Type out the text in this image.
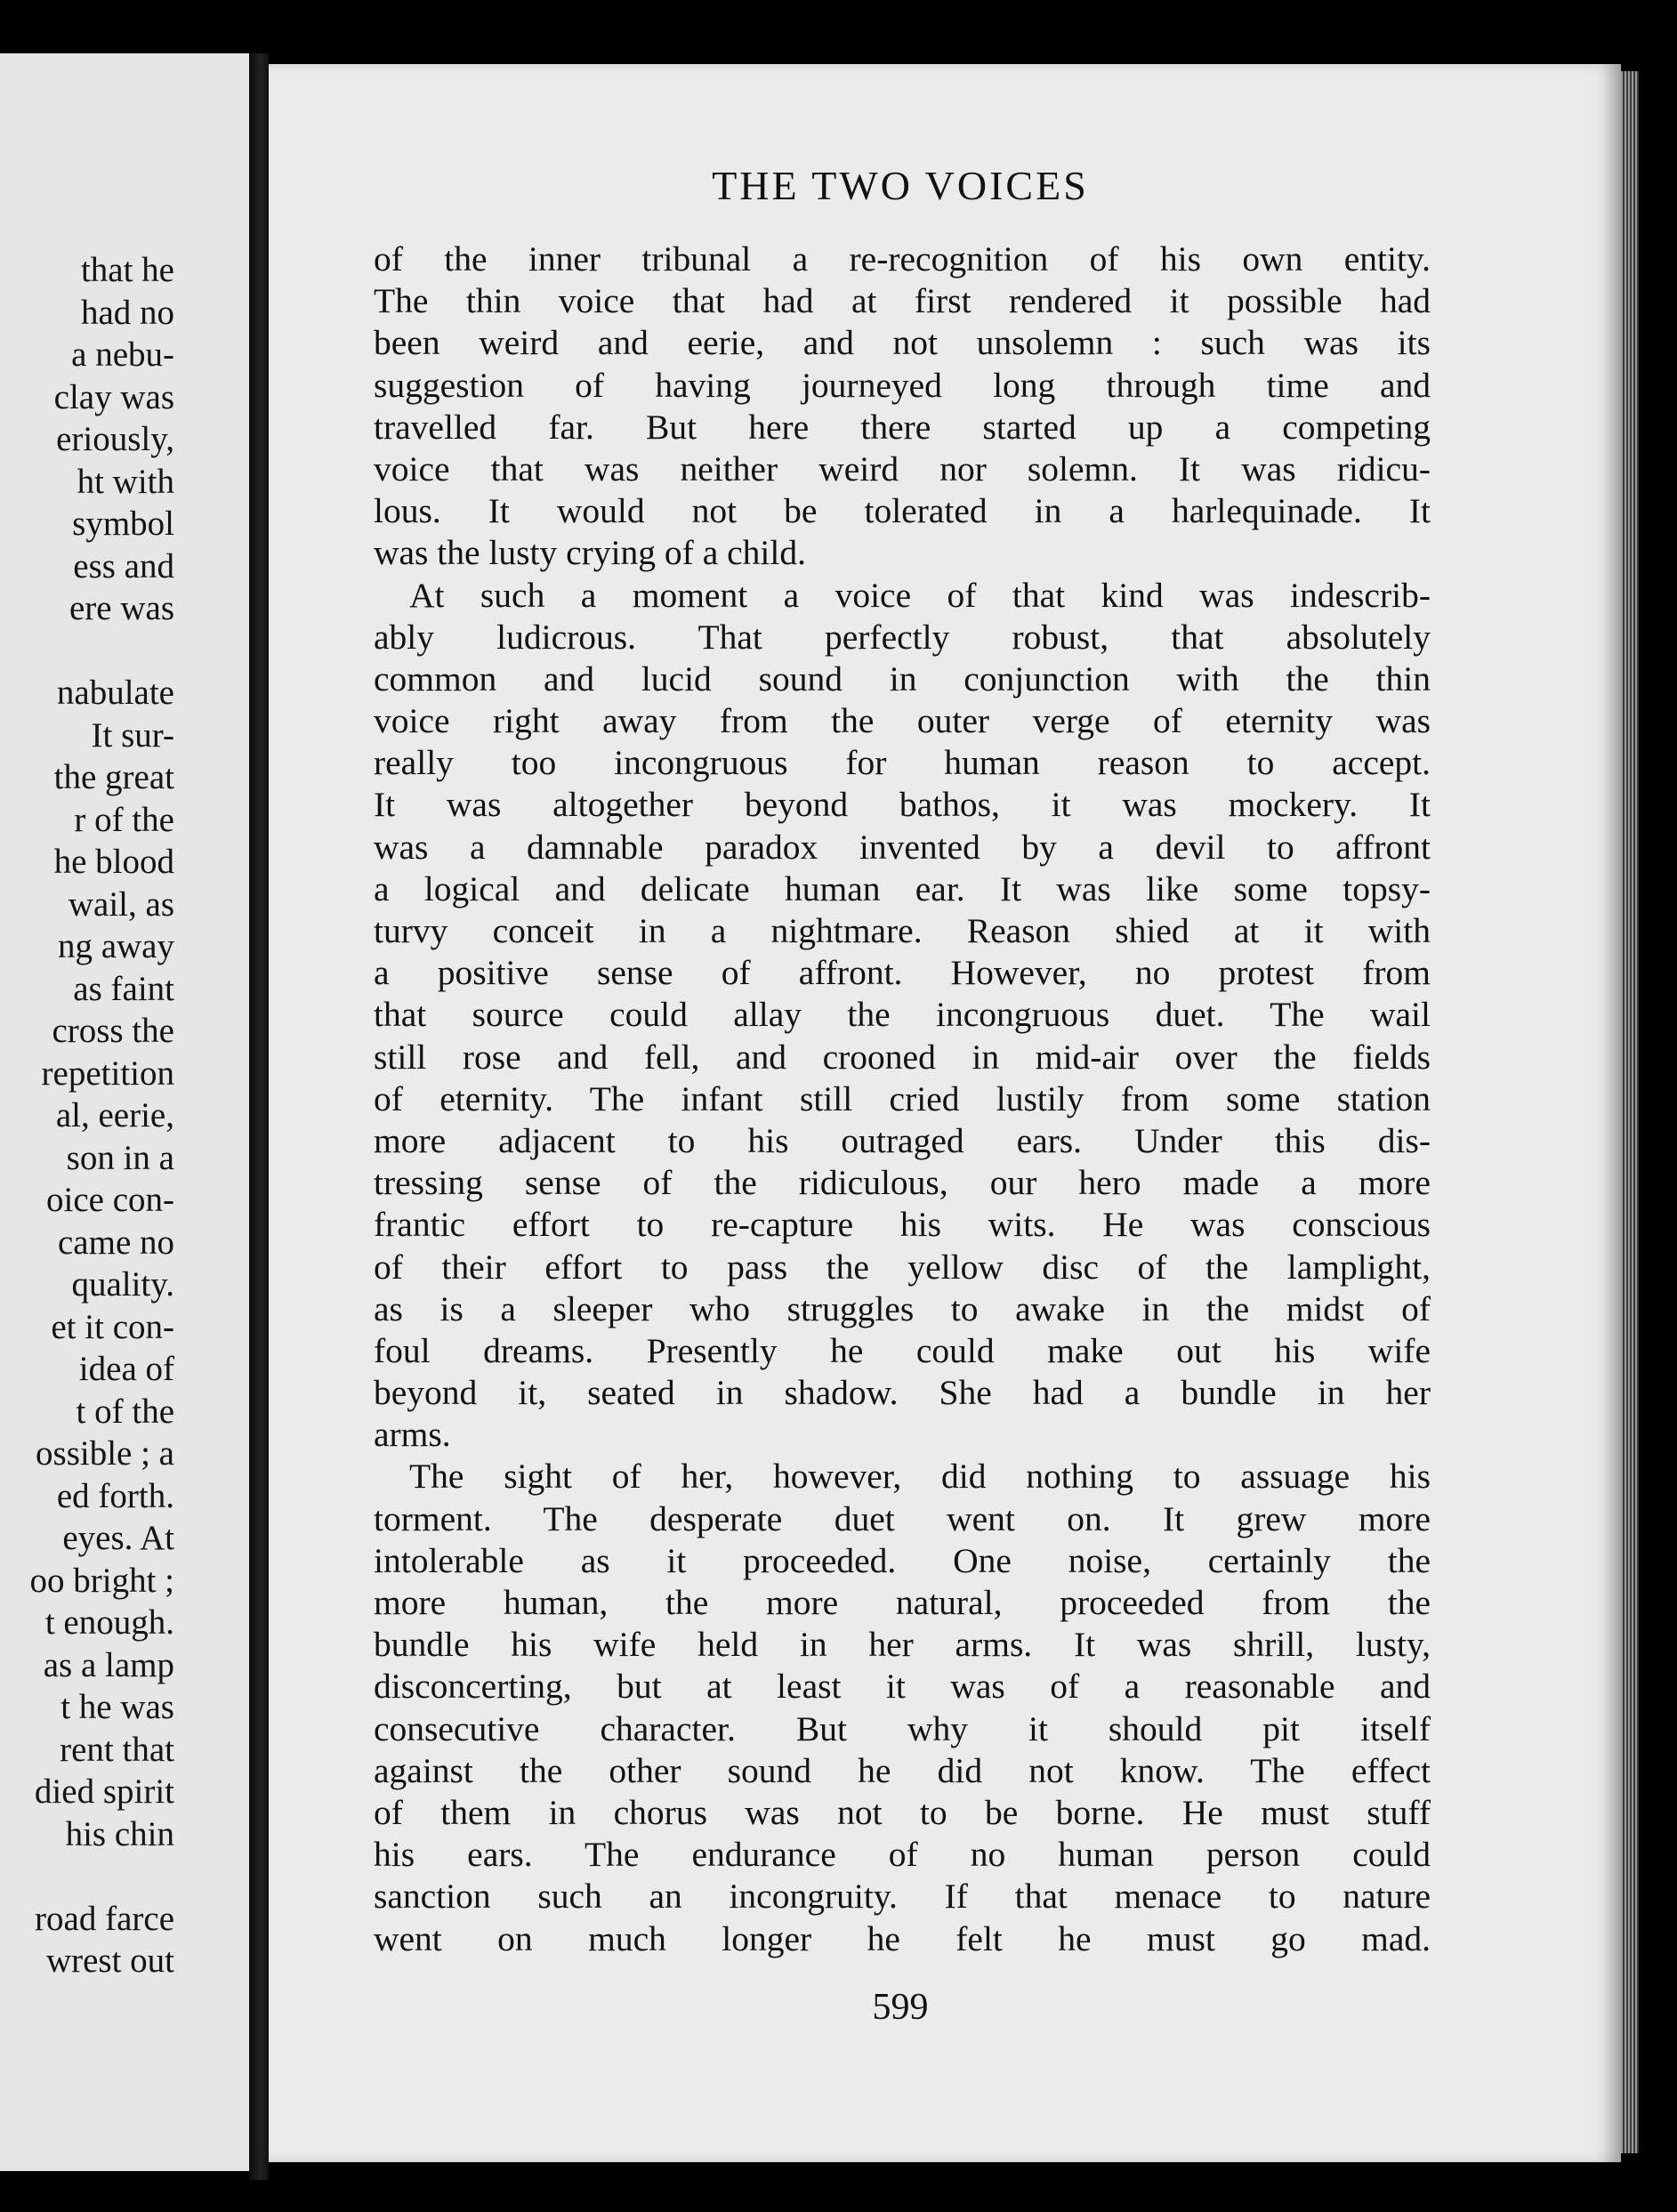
that he
had no
a nebu-
clay was
eriously,
ht with
symbol
ess and
ere was
nabulate
It sur-
the great
r of the
he blood
wail, as
ng away
as faint
cross the
repetition
al, eerie,
son in a
oice con-
came no
quality.
et it con-
idea of
t of the
ossible ; a
ed forth.
eyes. At
oo bright ;
t enough.
as a lamp
t he was
rent that
died spirit
his chin
road farce
wrest out
THE TWO VOICES
of the inner tribunal a re-recognition of his own entity.
The thin voice that had at first rendered it possible had
been weird and eerie, and not unsolemn : such was its
suggestion of having journeyed long through time and
travelled far. But here there started up a competing
voice that was neither weird nor solemn. It was ridicu-
lous. It would not be tolerated in a harlequinade. It
was the lusty crying of a child.
At such a moment a voice of that kind was indescrib-
ably ludicrous. That perfectly robust, that absolutely
common and lucid sound in conjunction with the thin
voice right away from the outer verge of eternity was
really too incongruous for human reason to accept.
It was altogether beyond bathos, it was mockery. It
was a damnable paradox invented by a devil to affront
a logical and delicate human ear. It was like some topsy-
turvy conceit in a nightmare. Reason shied at it with
a positive sense of affront. However, no protest from
that source could allay the incongruous duet. The wail
still rose and fell, and crooned in mid-air over the fields
of eternity. The infant still cried lustily from some station
more adjacent to his outraged ears. Under this dis-
tressing sense of the ridiculous, our hero made a more
frantic effort to re-capture his wits. He was conscious
of their effort to pass the yellow disc of the lamplight,
as is a sleeper who struggles to awake in the midst of
foul dreams. Presently he could make out his wife
beyond it, seated in shadow. She had a bundle in her
arms.
The sight of her, however, did nothing to assuage his
torment. The desperate duet went on. It grew more
intolerable as it proceeded. One noise, certainly the
more human, the more natural, proceeded from the
bundle his wife held in her arms. It was shrill, lusty,
disconcerting, but at least it was of a reasonable and
consecutive character. But why it should pit itself
against the other sound he did not know. The effect
of them in chorus was not to be borne. He must stuff
his ears. The endurance of no human person could
sanction such an incongruity. If that menace to nature
went on much longer he felt he must go mad.
599
